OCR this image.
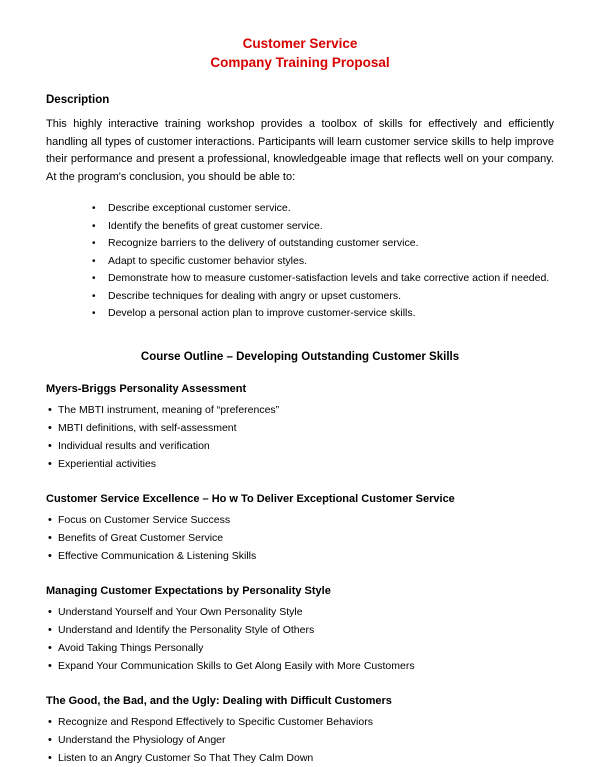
Customer Service
Company Training Proposal
Description

This highly interactive training workshop provides a toolbox of skills for effectively and efficiently handling all types of customer interactions. Participants will learn customer service skills to help improve their performance and present a professional, knowledgeable image that reflects well on your company. At the program's conclusion, you should be able to:

• Describe exceptional customer service.
• Identify the benefits of great customer service.
• Recognize barriers to the delivery of outstanding customer service.
• Adapt to specific customer behavior styles.
• Demonstrate how to measure customer-satisfaction levels and take corrective action if needed.
• Describe techniques for dealing with angry or upset customers.
• Develop a personal action plan to improve customer-service skills.
Course Outline – Developing Outstanding Customer Skills
Myers-Briggs Personality Assessment
• The MBTI instrument, meaning of “preferences”
• MBTI definitions, with self-assessment
• Individual results and verification
• Experiential activities
Customer Service Excellence – Ho w To Deliver Exceptional Customer Service
• Focus on Customer Service Success
• Benefits of Great Customer Service
• Effective Communication & Listening Skills
Managing Customer Expectations by Personality Style
• Understand Yourself and Your Own Personality Style
• Understand and Identify the Personality Style of Others
• Avoid Taking Things Personally
• Expand Your Communication Skills to Get Along Easily with More Customers
The Good, the Bad, and the Ugly: Dealing with Difficult Customers
• Recognize and Respond Effectively to Specific Customer Behaviors
• Understand the Physiology of Anger
• Listen to an Angry Customer So That They Calm Down
